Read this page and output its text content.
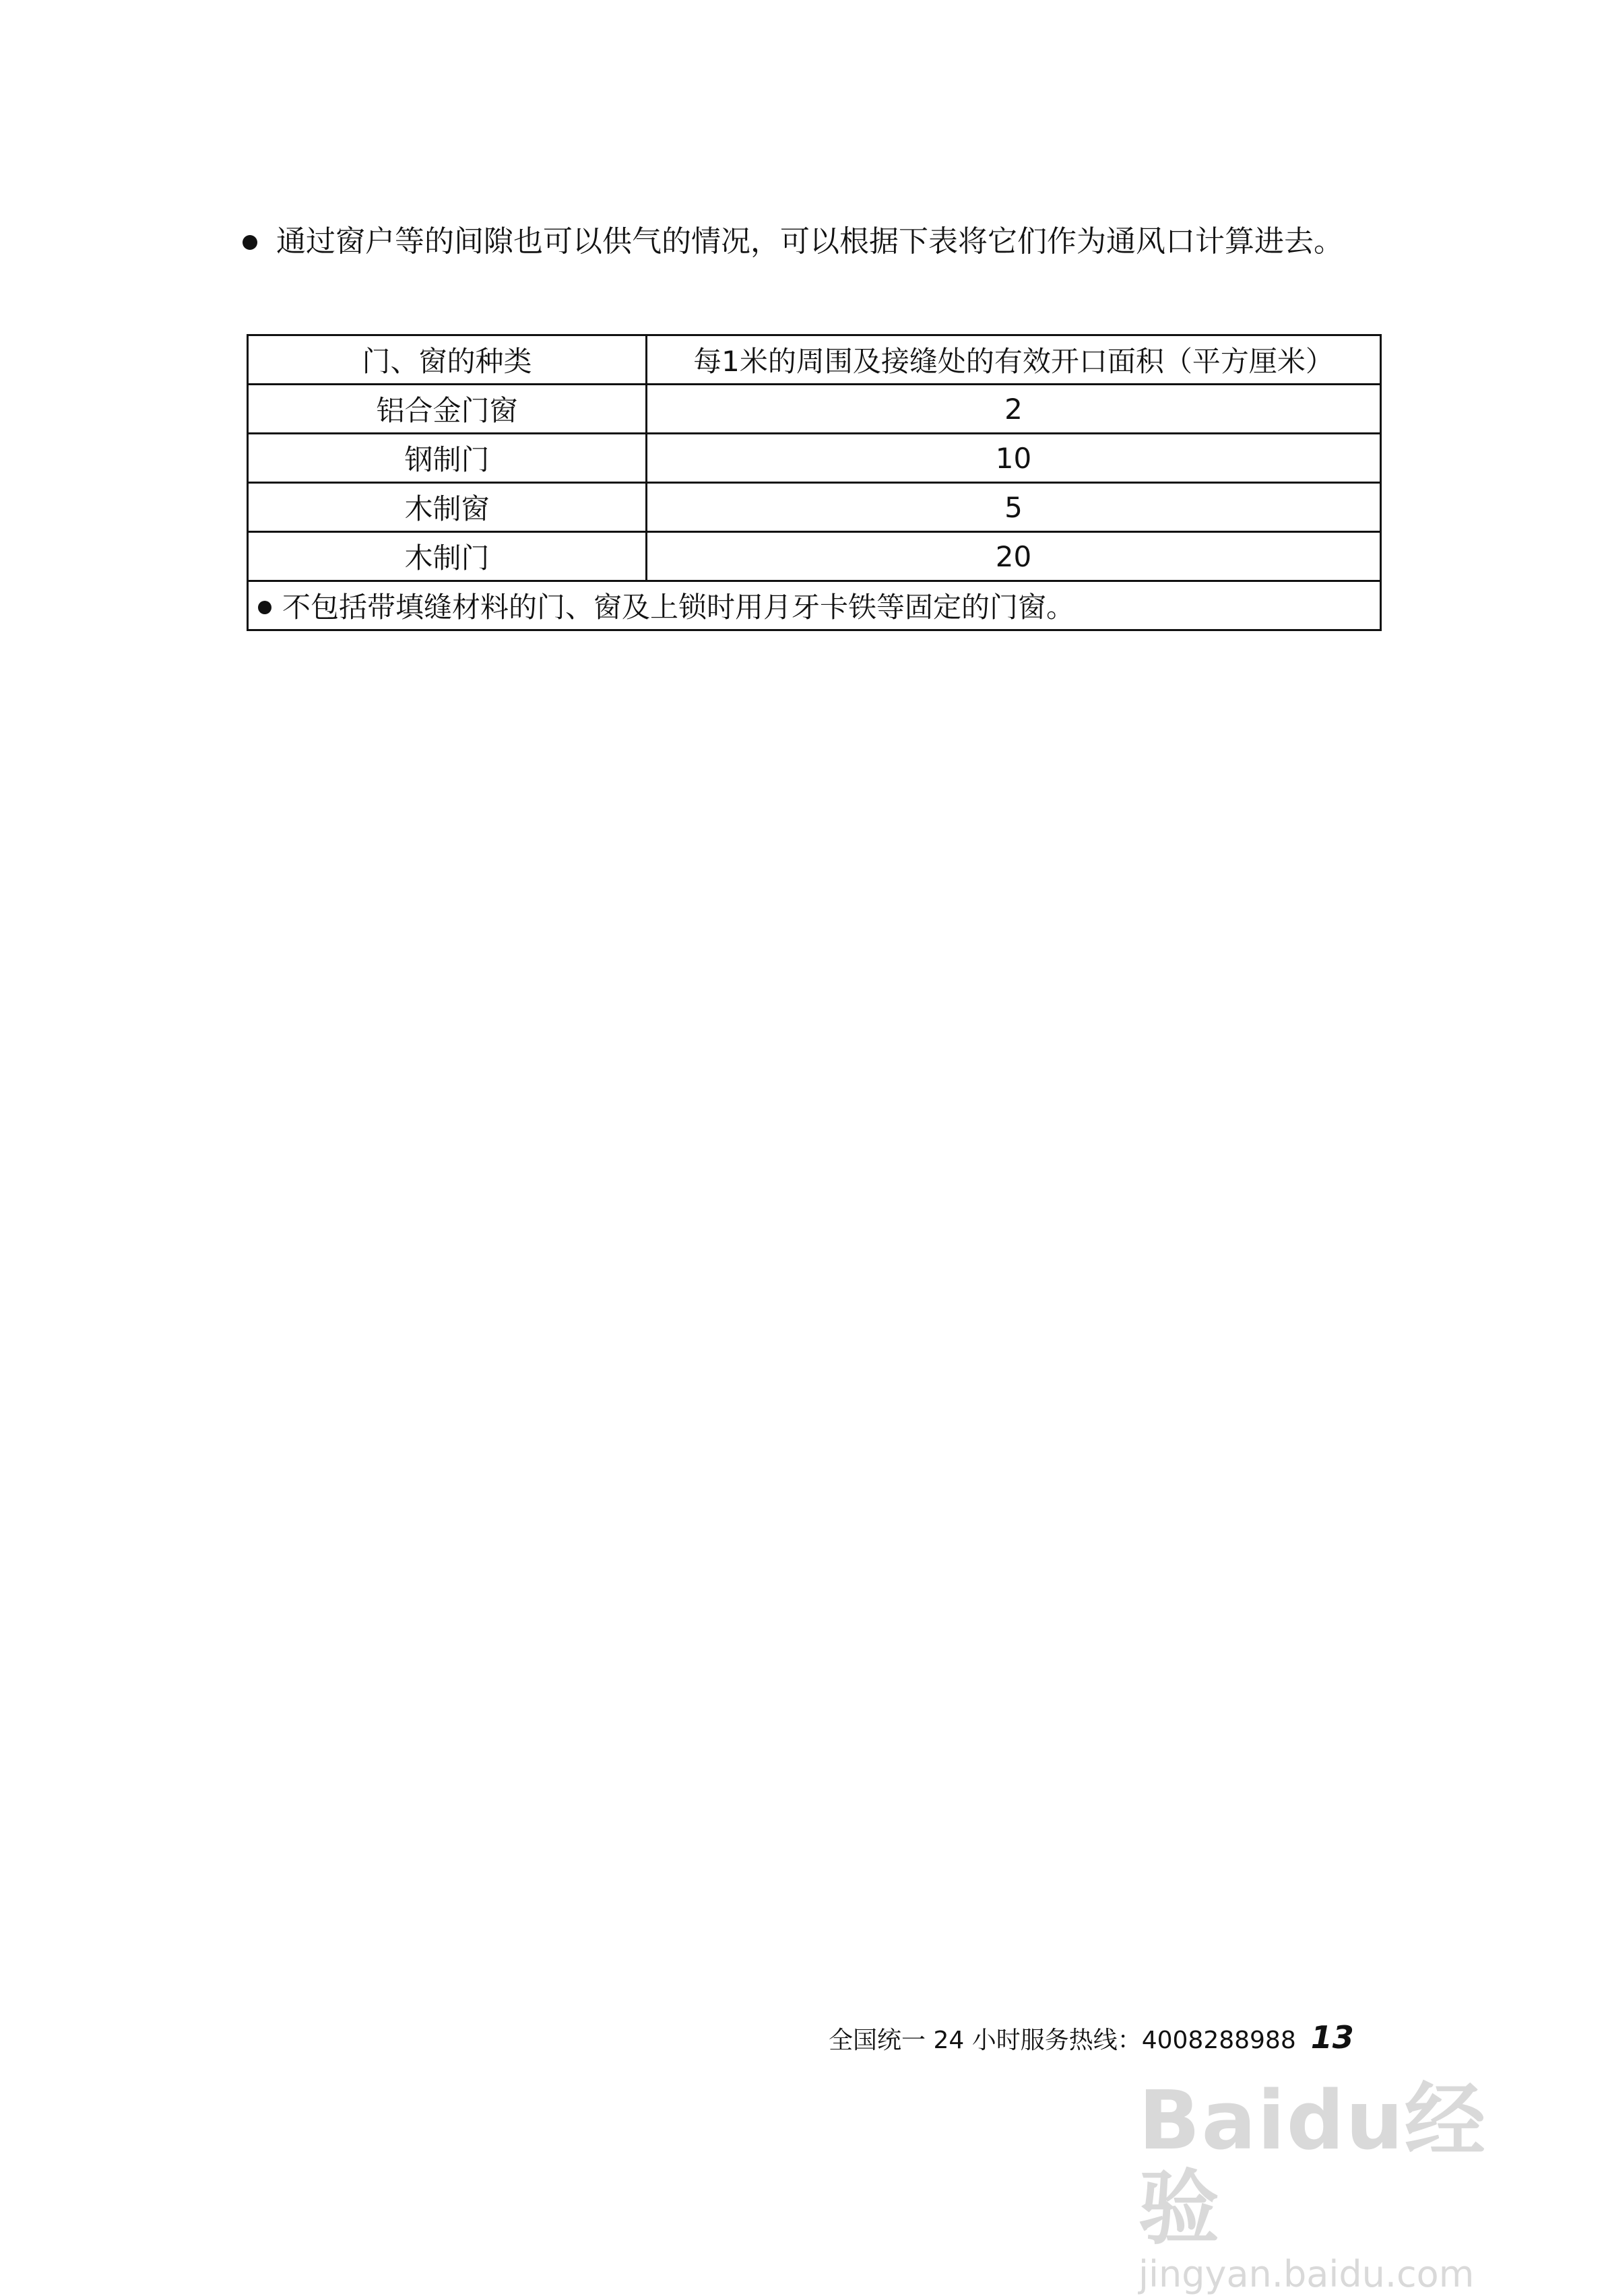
通过窗户等的间隙也可以供气的情况，可以根据下表将它们作为通风口计算进去。
门、窗的种类	每1米的周围及接缝处的有效开口面积（平方厘米）
铝合金门窗	2
钢制门	10
木制窗	5
木制门	20
不包括带填缝材料的门、窗及上锁时用月牙卡铁等固定的门窗。	
全国统一 24 小时服务热线：4008288988 13
Baidu经验
jingyan.baidu.com
